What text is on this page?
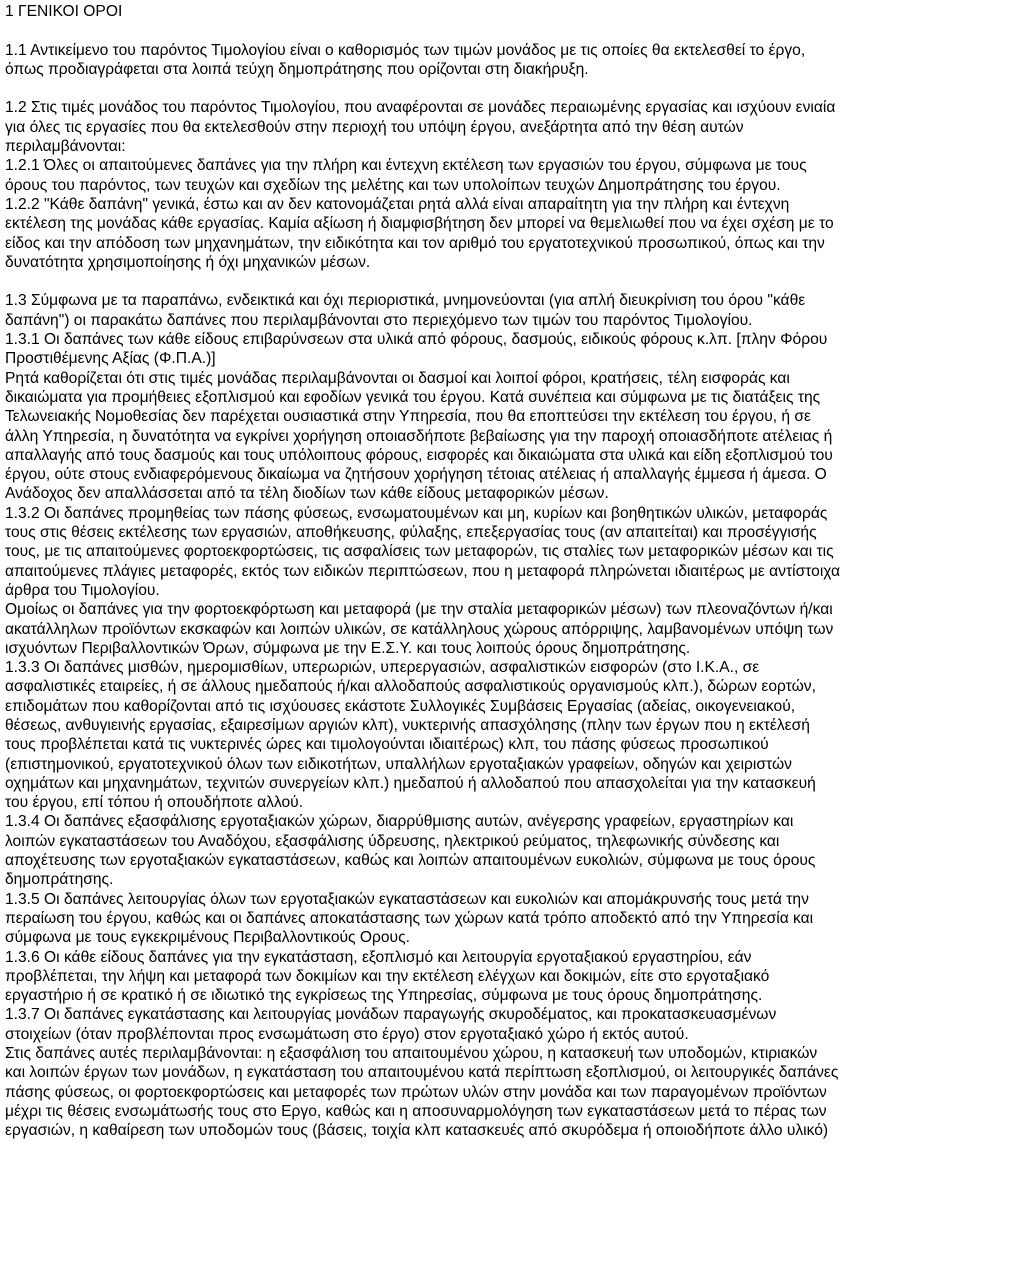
1 ΓΕΝΙΚΟΙ ΟΡΟΙ
1.1 Αντικείμενο του παρόντος Τιμολογίου είναι ο καθορισμός των τιμών μονάδος με τις οποίες θα εκτελεσθεί το έργο,
όπως προδιαγράφεται στα λοιπά τεύχη δημοπράτησης που ορίζονται στη διακήρυξη.
1.2 Στις τιμές μονάδος του παρόντος Τιμολογίου, που αναφέρονται σε μονάδες περαιωμένης εργασίας και ισχύουν ενιαία
για όλες τις εργασίες που θα εκτελεσθούν στην περιοχή του υπόψη έργου, ανεξάρτητα από την θέση αυτών
περιλαμβάνονται:
1.2.1 Όλες οι απαιτούμενες δαπάνες για την πλήρη και έντεχνη εκτέλεση των εργασιών του έργου, σύμφωνα με τους
όρους του παρόντος, των τευχών και σχεδίων της μελέτης και των υπολοίπων τευχών Δημοπράτησης του έργου.
1.2.2 "Κάθε δαπάνη" γενικά, έστω και αν δεν κατονομάζεται ρητά αλλά είναι απαραίτητη για την πλήρη και έντεχνη
εκτέλεση της μονάδας κάθε εργασίας. Καμία αξίωση ή διαμφισβήτηση δεν μπορεί να θεμελιωθεί που να έχει σχέση με το
είδος και την απόδοση των μηχανημάτων, την ειδικότητα και τον αριθμό του εργατοτεχνικού προσωπικού, όπως και την
δυνατότητα χρησιμοποίησης ή όχι μηχανικών μέσων.
1.3 Σύμφωνα με τα παραπάνω, ενδεικτικά και όχι περιοριστικά, μνημονεύονται (για απλή διευκρίνιση του όρου "κάθε
δαπάνη") οι παρακάτω δαπάνες που περιλαμβάνονται στο περιεχόμενο των τιμών του παρόντος Τιμολογίου.
1.3.1 Οι δαπάνες των κάθε είδους επιβαρύνσεων στα υλικά από φόρους, δασμούς, ειδικούς φόρους κ.λπ. [πλην Φόρου
Προστιθέμενης Αξίας (Φ.Π.Α.)]
Ρητά καθορίζεται ότι στις τιμές μονάδας περιλαμβάνονται οι δασμοί και λοιποί φόροι, κρατήσεις, τέλη εισφοράς και
δικαιώματα για προμήθειες εξοπλισμού και εφοδίων γενικά του έργου. Κατά συνέπεια και σύμφωνα με τις διατάξεις της
Τελωνειακής Νομοθεσίας δεν παρέχεται ουσιαστικά στην Υπηρεσία, που θα εποπτεύσει την εκτέλεση του έργου, ή σε
άλλη Υπηρεσία, η δυνατότητα να εγκρίνει χορήγηση οποιασδήποτε βεβαίωσης για την παροχή οποιασδήποτε ατέλειας ή
απαλλαγής από τους δασμούς και τους υπόλοιπους φόρους, εισφορές και δικαιώματα στα υλικά και είδη εξοπλισμού του
έργου, ούτε στους ενδιαφερόμενους δικαίωμα να ζητήσουν χορήγηση τέτοιας ατέλειας ή απαλλαγής έμμεσα ή άμεσα. Ο
Ανάδοχος δεν απαλλάσσεται από τα τέλη διοδίων των κάθε είδους μεταφορικών μέσων.
1.3.2 Οι δαπάνες προμηθείας των πάσης φύσεως, ενσωματουμένων και μη, κυρίων και βοηθητικών υλικών, μεταφοράς
τους στις θέσεις εκτέλεσης των εργασιών, αποθήκευσης, φύλαξης, επεξεργασίας τους (αν απαιτείται) και προσέγγισής
τους, με τις απαιτούμενες φορτοεκφορτώσεις, τις ασφαλίσεις των μεταφορών, τις σταλίες των μεταφορικών μέσων και τις
απαιτούμενες πλάγιες μεταφορές, εκτός των ειδικών περιπτώσεων, που η μεταφορά πληρώνεται ιδιαιτέρως με αντίστοιχα
άρθρα του Τιμολογίου.
Ομοίως οι δαπάνες για την φορτοεκφόρτωση και μεταφορά (με την σταλία μεταφορικών μέσων) των πλεοναζόντων ή/και
ακατάλληλων προϊόντων εκσκαφών και λοιπών υλικών, σε κατάλληλους χώρους απόρριψης, λαμβανομένων υπόψη των
ισχυόντων Περιβαλλοντικών Όρων, σύμφωνα με την Ε.Σ.Υ. και τους λοιπούς όρους δημοπράτησης.
1.3.3 Οι δαπάνες μισθών, ημερομισθίων, υπερωριών, υπερεργασιών, ασφαλιστικών εισφορών (στο Ι.Κ.Α., σε
ασφαλιστικές εταιρείες, ή σε άλλους ημεδαπούς ή/και αλλοδαπούς ασφαλιστικούς οργανισμούς κλπ.), δώρων εορτών,
επιδομάτων που καθορίζονται από τις ισχύουσες εκάστοτε Συλλογικές Συμβάσεις Εργασίας (αδείας, οικογενειακού,
θέσεως, ανθυγιεινής εργασίας, εξαιρεσίμων αργιών κλπ), νυκτερινής απασχόλησης (πλην των έργων που η εκτέλεσή
τους προβλέπεται κατά τις νυκτερινές ώρες και τιμολογούνται ιδιαιτέρως) κλπ, του πάσης φύσεως προσωπικού
(επιστημονικού, εργατοτεχνικού όλων των ειδικοτήτων, υπαλλήλων εργοταξιακών γραφείων, οδηγών και χειριστών
οχημάτων και μηχανημάτων, τεχνιτών συνεργείων κλπ.) ημεδαπού ή αλλοδαπού που απασχολείται για την κατασκευή
του έργου, επί τόπου ή οπουδήποτε αλλού.
1.3.4 Οι δαπάνες εξασφάλισης εργοταξιακών χώρων, διαρρύθμισης αυτών, ανέγερσης γραφείων, εργαστηρίων και
λοιπών εγκαταστάσεων του Αναδόχου, εξασφάλισης ύδρευσης, ηλεκτρικού ρεύματος, τηλεφωνικής σύνδεσης και
αποχέτευσης των εργοταξιακών εγκαταστάσεων, καθώς και λοιπών απαιτουμένων ευκολιών, σύμφωνα με τους όρους
δημοπράτησης.
1.3.5 Οι δαπάνες λειτουργίας όλων των εργοταξιακών εγκαταστάσεων και ευκολιών και απομάκρυνσής τους μετά την
περαίωση του έργου, καθώς και οι δαπάνες αποκατάστασης των χώρων κατά τρόπο αποδεκτό από την Υπηρεσία και
σύμφωνα με τους εγκεκριμένους Περιβαλλοντικούς Ορους.
1.3.6 Οι κάθε είδους δαπάνες για την εγκατάσταση, εξοπλισμό και λειτουργία εργοταξιακού εργαστηρίου, εάν
προβλέπεται, την λήψη και μεταφορά των δοκιμίων και την εκτέλεση ελέγχων και δοκιμών, είτε στο εργοταξιακό
εργαστήριο ή σε κρατικό ή σε ιδιωτικό της εγκρίσεως της Υπηρεσίας, σύμφωνα με τους όρους δημοπράτησης.
1.3.7 Οι δαπάνες εγκατάστασης και λειτουργίας μονάδων παραγωγής σκυροδέματος, και προκατασκευασμένων
στοιχείων (όταν προβλέπονται προς ενσωμάτωση στο έργο) στον εργοταξιακό χώρο ή εκτός αυτού.
Στις δαπάνες αυτές περιλαμβάνονται: η εξασφάλιση του απαιτουμένου χώρου, η κατασκευή των υποδομών, κτιριακών
και λοιπών έργων των μονάδων, η εγκατάσταση του απαιτουμένου κατά περίπτωση εξοπλισμού, οι λειτουργικές δαπάνες
πάσης φύσεως, οι φορτοεκφορτώσεις και μεταφορές των πρώτων υλών στην μονάδα και των παραγομένων προϊόντων
μέχρι τις θέσεις ενσωμάτωσής τους στο Εργο, καθώς και η αποσυναρμολόγηση των εγκαταστάσεων μετά το πέρας των
εργασιών, η καθαίρεση των υποδομών τους (βάσεις, τοιχία κλπ κατασκευές από σκυρόδεμα ή οποιοδήποτε άλλο υλικό)
